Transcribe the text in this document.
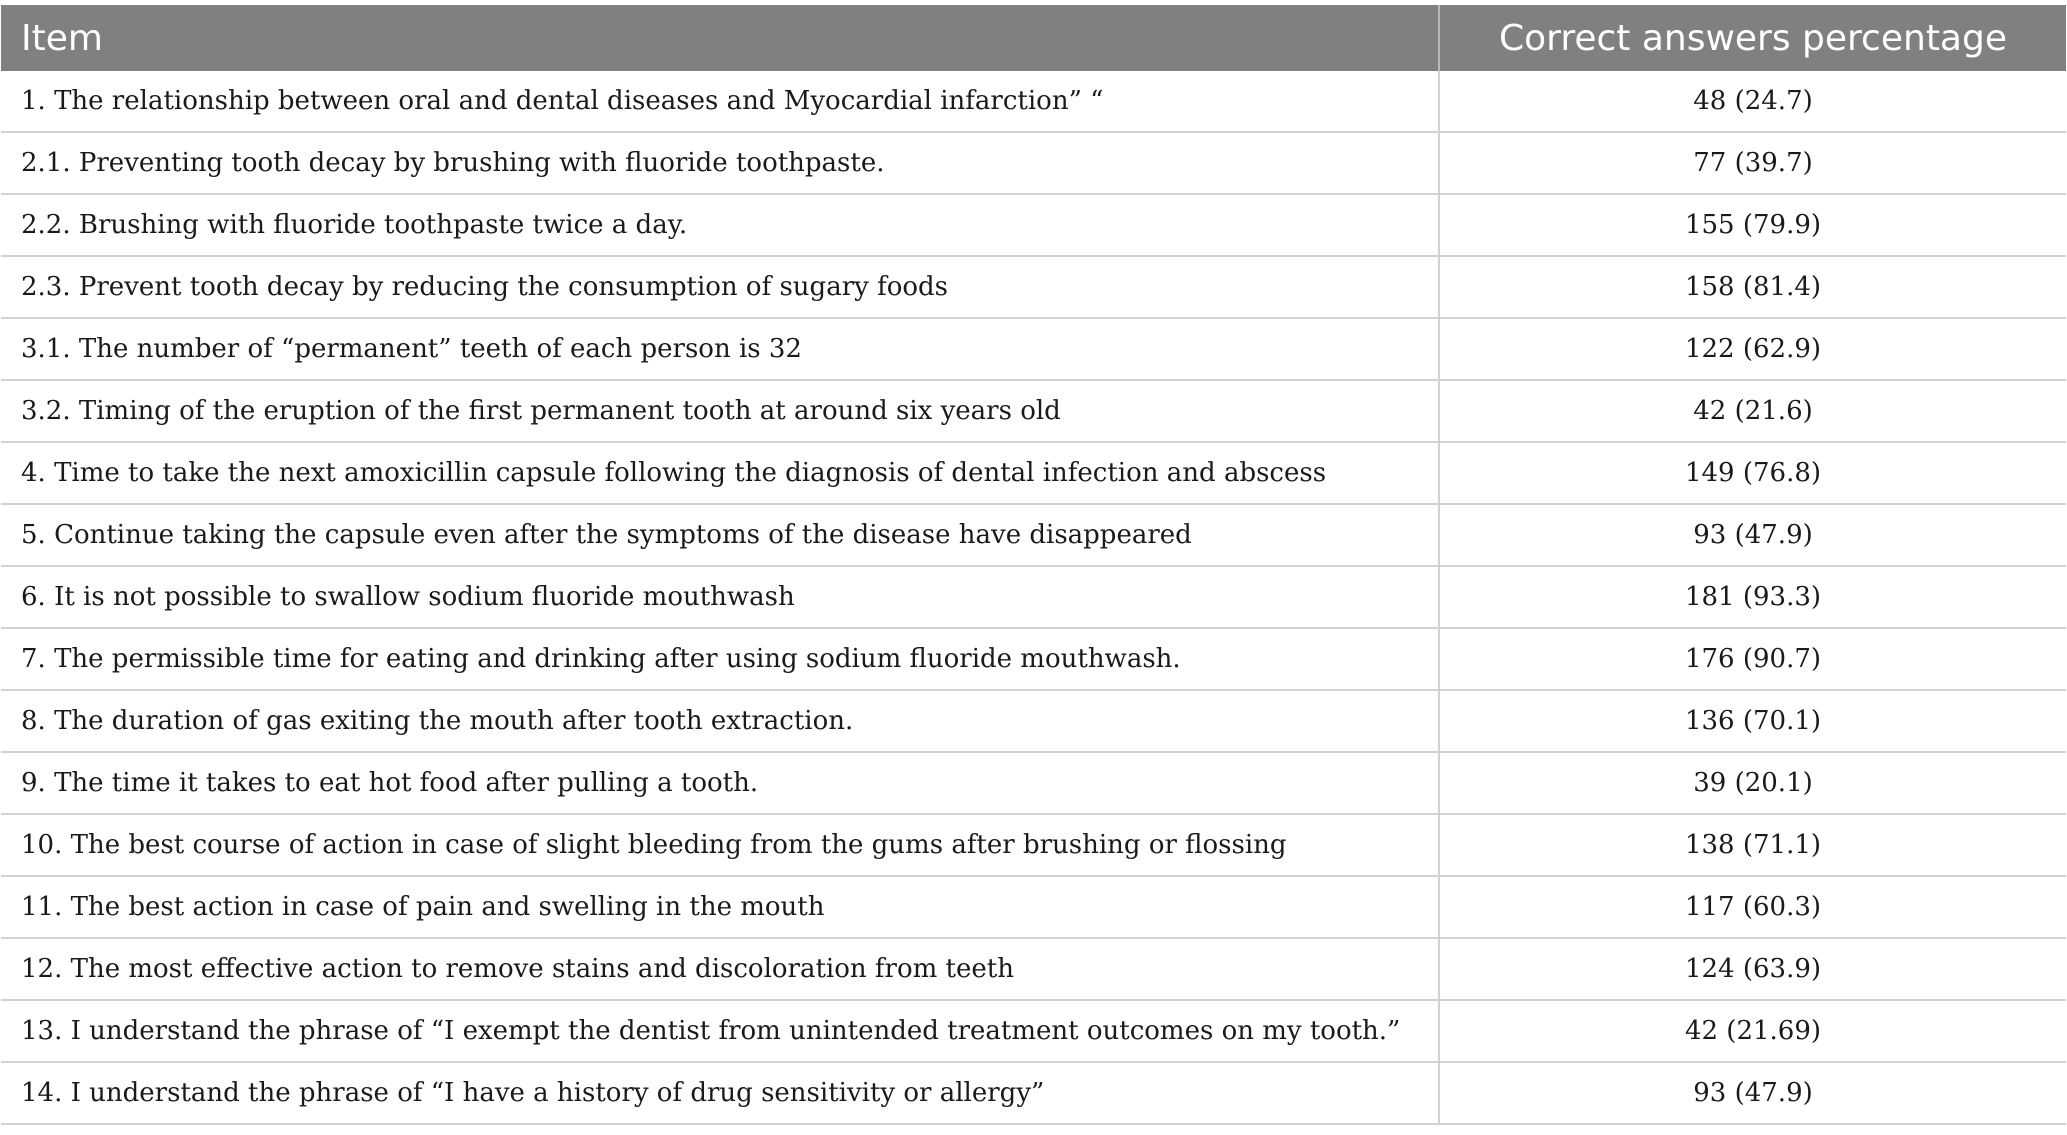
Item	Correct answers percentage
1. The relationship between oral and dental diseases and Myocardial infarction” “	48 (24.7)
2.1. Preventing tooth decay by brushing with fluoride toothpaste.	77 (39.7)
2.2. Brushing with fluoride toothpaste twice a day.	155 (79.9)
2.3. Prevent tooth decay by reducing the consumption of sugary foods	158 (81.4)
3.1. The number of “permanent” teeth of each person is 32	122 (62.9)
3.2. Timing of the eruption of the first permanent tooth at around six years old	42 (21.6)
4. Time to take the next amoxicillin capsule following the diagnosis of dental infection and abscess	149 (76.8)
5. Continue taking the capsule even after the symptoms of the disease have disappeared	93 (47.9)
6. It is not possible to swallow sodium fluoride mouthwash	181 (93.3)
7. The permissible time for eating and drinking after using sodium fluoride mouthwash.	176 (90.7)
8. The duration of gas exiting the mouth after tooth extraction.	136 (70.1)
9. The time it takes to eat hot food after pulling a tooth.	39 (20.1)
10. The best course of action in case of slight bleeding from the gums after brushing or flossing	138 (71.1)
11. The best action in case of pain and swelling in the mouth	117 (60.3)
12. The most effective action to remove stains and discoloration from teeth	124 (63.9)
13. I understand the phrase of “I exempt the dentist from unintended treatment outcomes on my tooth.”	42 (21.69)
14. I understand the phrase of “I have a history of drug sensitivity or allergy”	93 (47.9)
